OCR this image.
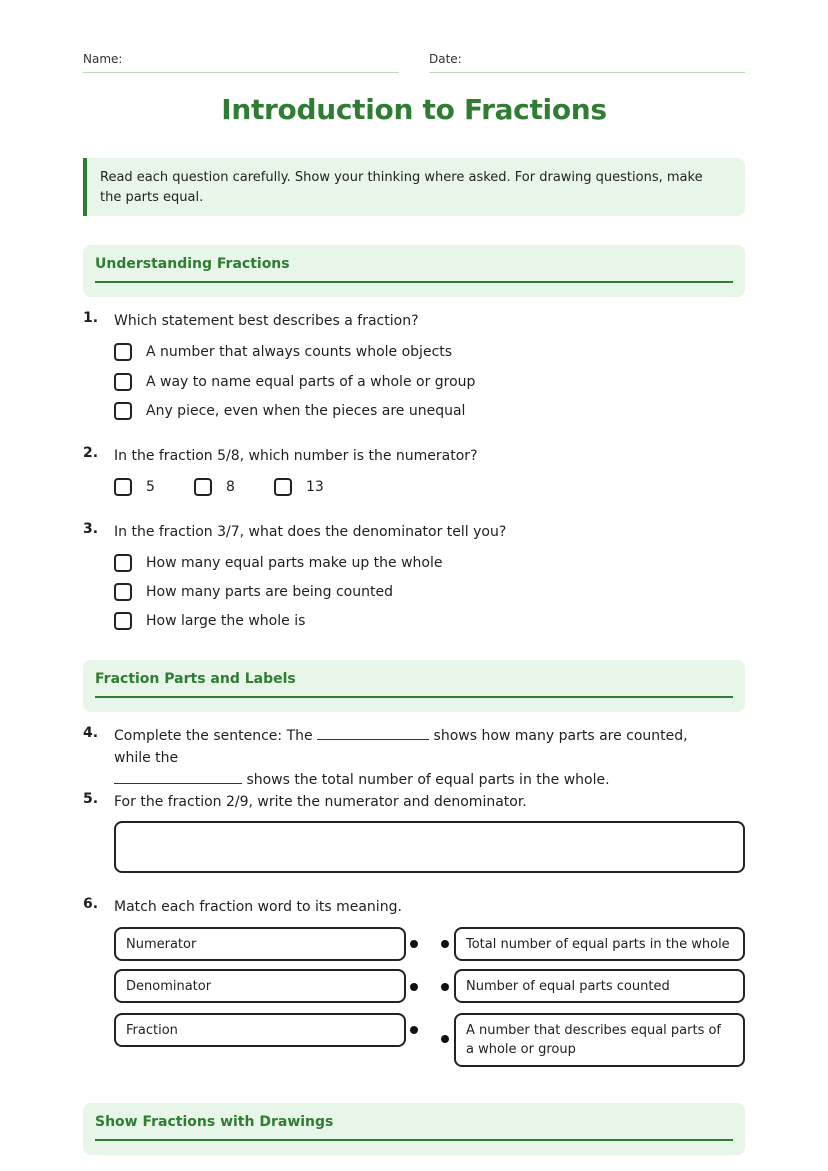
Name:	Date:
Introduction to Fractions
Read each question carefully. Show your thinking where asked. For drawing questions, make the parts equal.
Understanding Fractions
1. Which statement best describes a fraction?
A number that always counts whole objects
A way to name equal parts of a whole or group
Any piece, even when the pieces are unequal
2. In the fraction 5/8, which number is the numerator?
5	8	13
3. In the fraction 3/7, what does the denominator tell you?
How many equal parts make up the whole
How many parts are being counted
How large the whole is
Fraction Parts and Labels
4. Complete the sentence: The	shows how many parts are counted, while the
shows the total number of equal parts in the whole.
5. For the fraction 2/9, write the numerator and denominator.
6. Match each fraction word to its meaning.
Numerator
Denominator
Fraction
Total number of equal parts in the whole
Number of equal parts counted
A number that describes equal parts of a whole or group
Show Fractions with Drawings
